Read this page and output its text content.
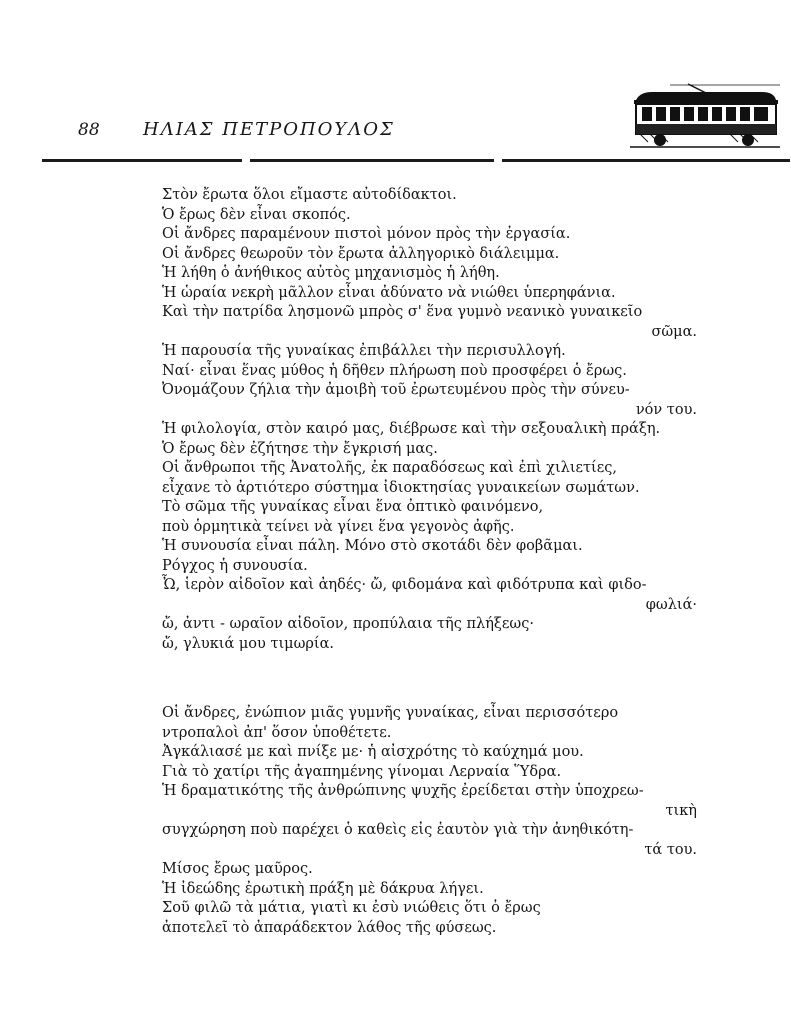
88 ΗΛΙΑΣ ΠΕΤΡΟΠΟΥΛΟΣ
Στὸν ἔρωτα ὅλοι εἴμαστε αὐτοδίδακτοι.
Ὁ ἔρως δὲν εἶναι σκοπός.
Οἱ ἄνδρες παραμένουν πιστοὶ μόνον πρὸς τὴν ἐργασία.
Οἱ ἄνδρες θεωροῦν τὸν ἔρωτα ἀλληγορικὸ διάλειμμα.
Ἡ λήθη ὁ ἀνήθικος αὐτὸς μηχανισμὸς ἡ λήθη.
Ἡ ὡραία νεκρὴ μᾶλλον εἶναι ἀδύνατο νὰ νιώθει ὑπερηφάνια.
Καὶ τὴν πατρίδα λησμονῶ μπρὸς σ' ἕνα γυμνὸ νεανικὸ γυναικεῖο
σῶμα.
Ἡ παρουσία τῆς γυναίκας ἐπιβάλλει τὴν περισυλλογή.
Ναί· εἶναι ἕνας μύθος ἡ δῆθεν πλήρωση ποὺ προσφέρει ὁ ἔρως.
Ὀνομάζουν ζήλια τὴν ἀμοιβὴ τοῦ ἐρωτευμένου πρὸς τὴν σύνευ-
νόν του.
Ἡ φιλολογία, στὸν καιρό μας, διέβρωσε καὶ τὴν σεξουαλικὴ πράξη.
Ὁ ἔρως δὲν ἐζήτησε τὴν ἔγκρισή μας.
Οἱ ἄνθρωποι τῆς Ἀνατολῆς, ἐκ παραδόσεως καὶ ἐπὶ χιλιετίες,
εἶχανε τὸ ἀρτιότερο σύστημα ἰδιοκτησίας γυναικείων σωμάτων.
Τὸ σῶμα τῆς γυναίκας εἶναι ἕνα ὀπτικὸ φαινόμενο,
ποὺ ὁρμητικὰ τείνει νὰ γίνει ἕνα γεγονὸς ἀφῆς.
Ἡ συνουσία εἶναι πάλη. Μόνο στὸ σκοτάδι δὲν φοβᾶμαι.
Ρόγχος ἡ συνουσία.
Ὦ, ἱερὸν αἰδοῖον καὶ ἀηδές· ὤ, φιδομάνα καὶ φιδότρυπα καὶ φιδο-
φωλιά·
ὤ, ἀντι - ωραῖον αἰδοῖον, προπύλαια τῆς πλήξεως·
ὤ, γλυκιά μου τιμωρία.
Οἱ ἄνδρες, ἐνώπιον μιᾶς γυμνῆς γυναίκας, εἶναι περισσότερο
ντροπαλοὶ ἀπ' ὅσον ὑποθέτετε.
Ἀγκάλιασέ με καὶ πνίξε με· ἡ αἰσχρότης τὸ καύχημά μου.
Γιὰ τὸ χατίρι τῆς ἀγαπημένης γίνομαι Λερναία Ὕδρα.
Ἡ δραματικότης τῆς ἀνθρώπινης ψυχῆς ἐρείδεται στὴν ὑποχρεω-
τικὴ
συγχώρηση ποὺ παρέχει ὁ καθεὶς εἰς ἑαυτὸν γιὰ τὴν ἀνηθικότη-
τά του.
Μίσος ἔρως μαῦρος.
Ἡ ἰδεώδης ἐρωτικὴ πράξη μὲ δάκρυα λήγει.
Σοῦ φιλῶ τὰ μάτια, γιατὶ κι ἐσὺ νιώθεις ὅτι ὁ ἔρως
ἀποτελεῖ τὸ ἀπαράδεκτον λάθος τῆς φύσεως.
